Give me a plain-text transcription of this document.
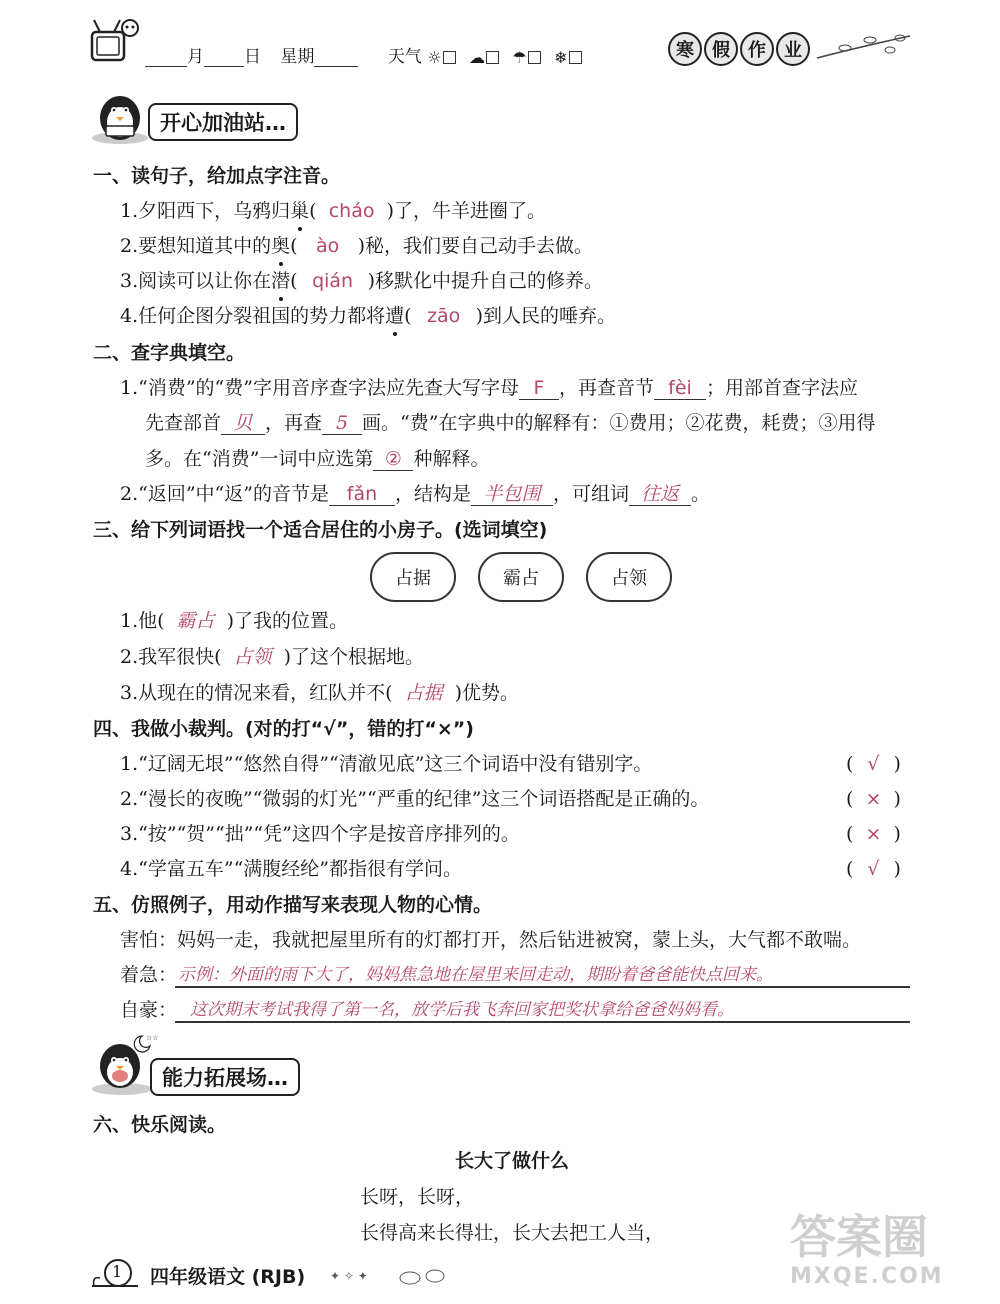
月 日 星期	天气 ☼ ☁ ☂ ❄	寒	假	作	业
开心加油站…
一、读句子，给加点字注音。
1.夕阳西下，乌鸦归巢( cháo )了，牛羊进圈了。
2.要想知道其中的奥( ào )秘，我们要自己动手去做。
3.阅读可以让你在潜( qián )移默化中提升自己的修养。
4.任何企图分裂祖国的势力都将遭( zāo )到人民的唾弃。
二、查字典填空。
1.“消费”的“费”字用音序查字法应先查大写字母 F ，再查音节 fèi ；用部首查字法应
先查部首 贝 ，再查 5 画。“费”在字典中的解释有：①费用；②花费，耗费；③用得
多。在“消费”一词中应选第 ② 种解释。
2.“返回”中“返”的音节是 fǎn ，结构是 半包围 ，可组词 往返 。
三、给下列词语找一个适合居住的小房子。(选词填空)
占据	霸占	占领
1.他( 霸占 )了我的位置。
2.我军很快( 占领 )了这个根据地。
3.从现在的情况来看，红队并不( 占据 )优势。
四、我做小裁判。(对的打“√”，错的打“×”)
1.“辽阔无垠”“悠然自得”“清澈见底”这三个词语中没有错别字。	( √ )
2.“漫长的夜晚”“微弱的灯光”“严重的纪律”这三个词语搭配是正确的。	( × )
3.“按”“贺”“拙”“凭”这四个字是按音序排列的。	( × )
4.“学富五车”“满腹经纶”都指很有学问。	( √ )
五、仿照例子，用动作描写来表现人物的心情。
害怕：妈妈一走，我就把屋里所有的灯都打开，然后钻进被窝，蒙上头，大气都不敢喘。
着急： 示例：外面的雨下大了，妈妈焦急地在屋里来回走动，期盼着爸爸能快点回来。
自豪： 这次期末考试我得了第一名，放学后我飞奔回家把奖状拿给爸爸妈妈看。
☆☆
能力拓展场…
六、快乐阅读。
长大了做什么
长呀，长呀，
长得高来长得壮，长大去把工人当，
1 四年级语文 (RJB) ✦ ✧ ✦
答案圈
MXQE.COM
